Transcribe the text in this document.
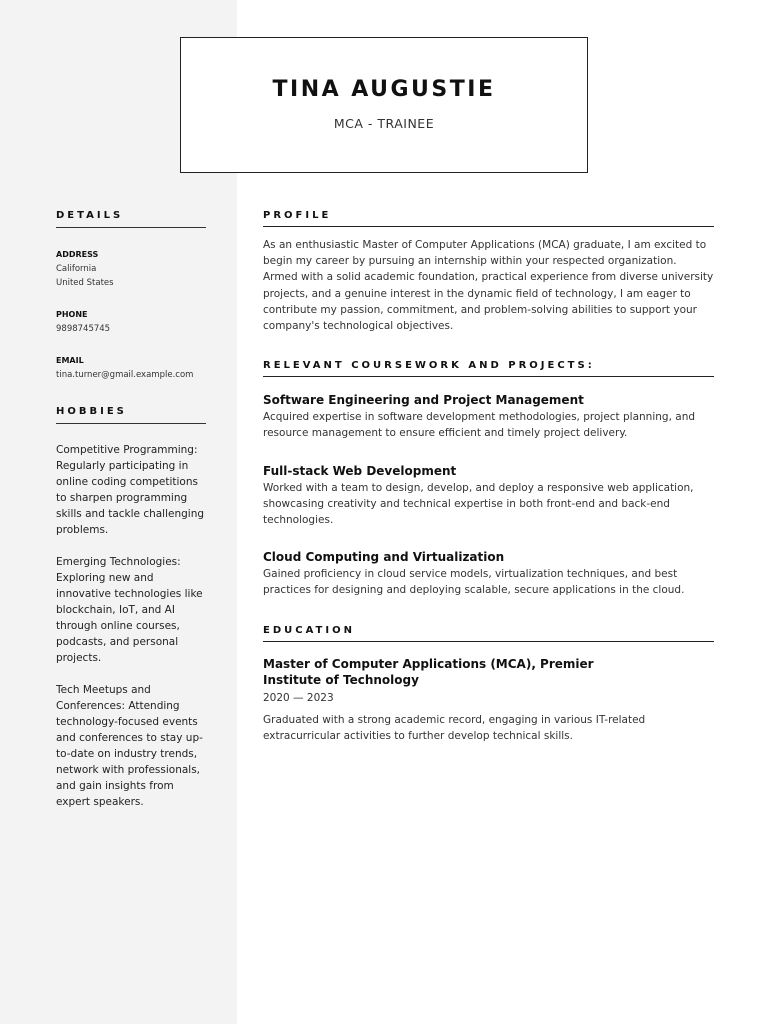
TINA AUGUSTIE
MCA - TRAINEE
DETAILS
ADDRESS
California
United States
PHONE
9898745745
EMAIL
tina.turner@gmail.example.com
HOBBIES
Competitive Programming: Regularly participating in online coding competitions to sharpen programming skills and tackle challenging problems.
Emerging Technologies: Exploring new and innovative technologies like blockchain, IoT, and AI through online courses, podcasts, and personal projects.
Tech Meetups and Conferences: Attending technology-focused events and conferences to stay up-to-date on industry trends, network with professionals, and gain insights from expert speakers.
PROFILE
As an enthusiastic Master of Computer Applications (MCA) graduate, I am excited to begin my career by pursuing an internship within your respected organization. Armed with a solid academic foundation, practical experience from diverse university projects, and a genuine interest in the dynamic field of technology, I am eager to contribute my passion, commitment, and problem-solving abilities to support your company's technological objectives.
RELEVANT COURSEWORK AND PROJECTS:
Software Engineering and Project Management
Acquired expertise in software development methodologies, project planning, and resource management to ensure efficient and timely project delivery.
Full-stack Web Development
Worked with a team to design, develop, and deploy a responsive web application, showcasing creativity and technical expertise in both front-end and back-end technologies.
Cloud Computing and Virtualization
Gained proficiency in cloud service models, virtualization techniques, and best practices for designing and deploying scalable, secure applications in the cloud.
EDUCATION
Master of Computer Applications (MCA), Premier
Institute of Technology
2020 — 2023
Graduated with a strong academic record, engaging in various IT-related extracurricular activities to further develop technical skills.
